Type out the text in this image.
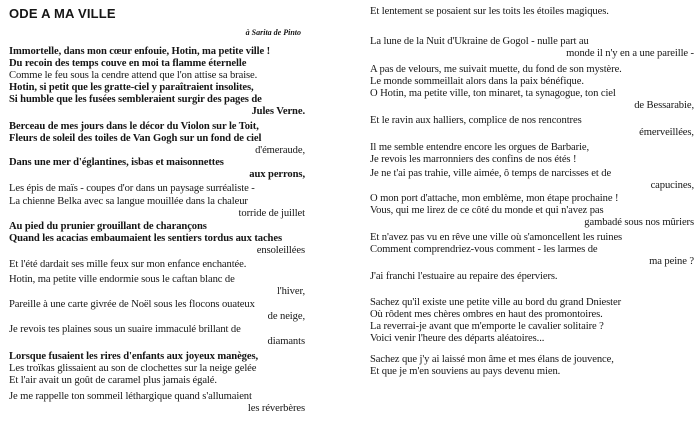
ODE A MA VILLE
à Sarita de Pinto
Immortelle, dans mon cœur enfouie, Hotin, ma petite ville !
Du recoin des temps couve en moi ta flamme éternelle
Comme le feu sous la cendre attend que l'on attise sa braise.
Hotin, si petit que les gratte-ciel y paraîtraient insolites,
Si humble que les fusées sembleraient surgir des pages de
Jules Verne.
Berceau de mes jours dans le décor du Violon sur le Toit,
Fleurs de soleil des toiles de Van Gogh sur un fond de ciel
d'émeraude,
Dans une mer d'églantines, isbas et maisonnettes
aux perrons,
Les épis de maïs - coupes d'or dans un paysage surréaliste -
La chienne Belka avec sa langue mouillée dans la chaleur
torride de juillet
Au pied du prunier grouillant de charançons
Quand les acacias embaumaient les sentiers tordus aux taches
ensoleillées
Et l'été dardait ses mille feux sur mon enfance enchantée.
Hotin, ma petite ville endormie sous le caftan blanc de
l'hiver,
Pareille à une carte givrée de Noël sous les flocons ouateux
de neige,
Je revois tes plaines sous un suaire immaculé brillant de
diamants
Lorsque fusaient les rires d'enfants aux joyeux manèges,
Les troïkas glissaient au son de clochettes sur la neige gelée
Et l'air avait un goût de caramel plus jamais égalé.
Je me rappelle ton sommeil léthargique quand s'allumaient
les réverbères
Et lentement se posaient sur les toits les étoiles magiques.
La lune de la Nuit d'Ukraine de Gogol - nulle part au
monde il n'y en a une pareille -
A pas de velours, me suivait muette, du fond de son mystère.
Le monde sommeillait alors dans la paix bénéfique.
O Hotin, ma petite ville, ton minaret, ta synagogue, ton ciel
de Bessarabie,
Et le ravin aux halliers, complice de nos rencontres
émerveillées,
Il me semble entendre encore les orgues de Barbarie,
Je revois les marronniers des confins de nos étés !
Je ne t'ai pas trahie, ville aimée, ô temps de narcisses et de
capucines,
O mon port d'attache, mon emblème, mon étape prochaine !
Vous, qui me lirez de ce côté du monde et qui n'avez pas
gambadé sous nos mûriers
Et n'avez pas vu en rêve une ville où s'amoncellent les ruines
Comment comprendriez-vous comment - les larmes de
ma peine ?
J'ai franchi l'estuaire au repaire des éperviers.
Sachez qu'il existe une petite ville au bord du grand Dniester
Où rôdent mes chères ombres en haut des promontoires.
La reverrai-je avant que m'emporte le cavalier solitaire ?
Voici venir l'heure des départs aléatoires...
Sachez que j'y ai laissé mon âme et mes élans de jouvence,
Et que je m'en souviens au pays devenu mien.
